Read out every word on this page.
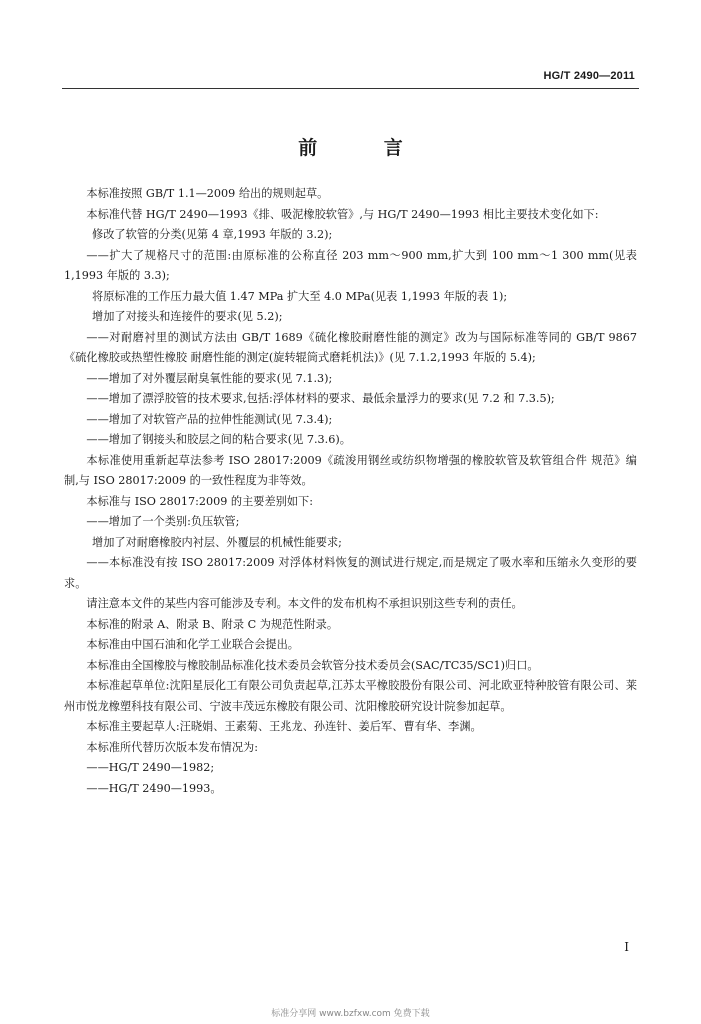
HG/T 2490—2011
前 言

本标准按照 GB/T 1.1—2009 给出的规则起草。

本标准代替 HG/T 2490—1993《排、吸泥橡胶软管》,与 HG/T 2490—1993 相比主要技术变化如下:

修改了软管的分类(见第 4 章,1993 年版的 3.2);

——扩大了规格尺寸的范围:由原标准的公称直径 203 mm～900 mm,扩大到 100 mm～1 300 mm(见表 1,1993 年版的 3.3);

将原标准的工作压力最大值 1.47 MPa 扩大至 4.0 MPa(见表 1,1993 年版的表 1);

增加了对接头和连接件的要求(见 5.2);

——对耐磨衬里的测试方法由 GB/T 1689《硫化橡胶耐磨性能的测定》改为与国际标准等同的 GB/T 9867《硫化橡胶或热塑性橡胶 耐磨性能的测定(旋转辊筒式磨耗机法)》(见 7.1.2,1993 年版的 5.4);

——增加了对外覆层耐臭氧性能的要求(见 7.1.3);

——增加了漂浮胶管的技术要求,包括:浮体材料的要求、最低余量浮力的要求(见 7.2 和 7.3.5);

——增加了对软管产品的拉伸性能测试(见 7.3.4);

——增加了钢接头和胶层之间的粘合要求(见 7.3.6)。

本标准使用重新起草法参考 ISO 28017:2009《疏浚用钢丝或纺织物增强的橡胶软管及软管组合件 规范》编制,与 ISO 28017:2009 的一致性程度为非等效。

本标准与 ISO 28017:2009 的主要差别如下:

——增加了一个类别:负压软管;

增加了对耐磨橡胶内衬层、外覆层的机械性能要求;

——本标准没有按 ISO 28017:2009 对浮体材料恢复的测试进行规定,而是规定了吸水率和压缩永久变形的要求。

请注意本文件的某些内容可能涉及专利。本文件的发布机构不承担识别这些专利的责任。

本标准的附录 A、附录 B、附录 C 为规范性附录。

本标准由中国石油和化学工业联合会提出。

本标准由全国橡胶与橡胶制品标准化技术委员会软管分技术委员会(SAC/TC35/SC1)归口。

本标准起草单位:沈阳星辰化工有限公司负责起草,江苏太平橡胶股份有限公司、河北欧亚特种胶管有限公司、莱州市悦龙橡塑科技有限公司、宁波丰茂远东橡胶有限公司、沈阳橡胶研究设计院参加起草。

本标准主要起草人:汪晓娟、王素菊、王兆龙、孙连针、姜后军、曹有华、李渊。

本标准所代替历次版本发布情况为:

——HG/T 2490—1982;

——HG/T 2490—1993。

I
标准分享网 www.bzfxw.com 免费下载
